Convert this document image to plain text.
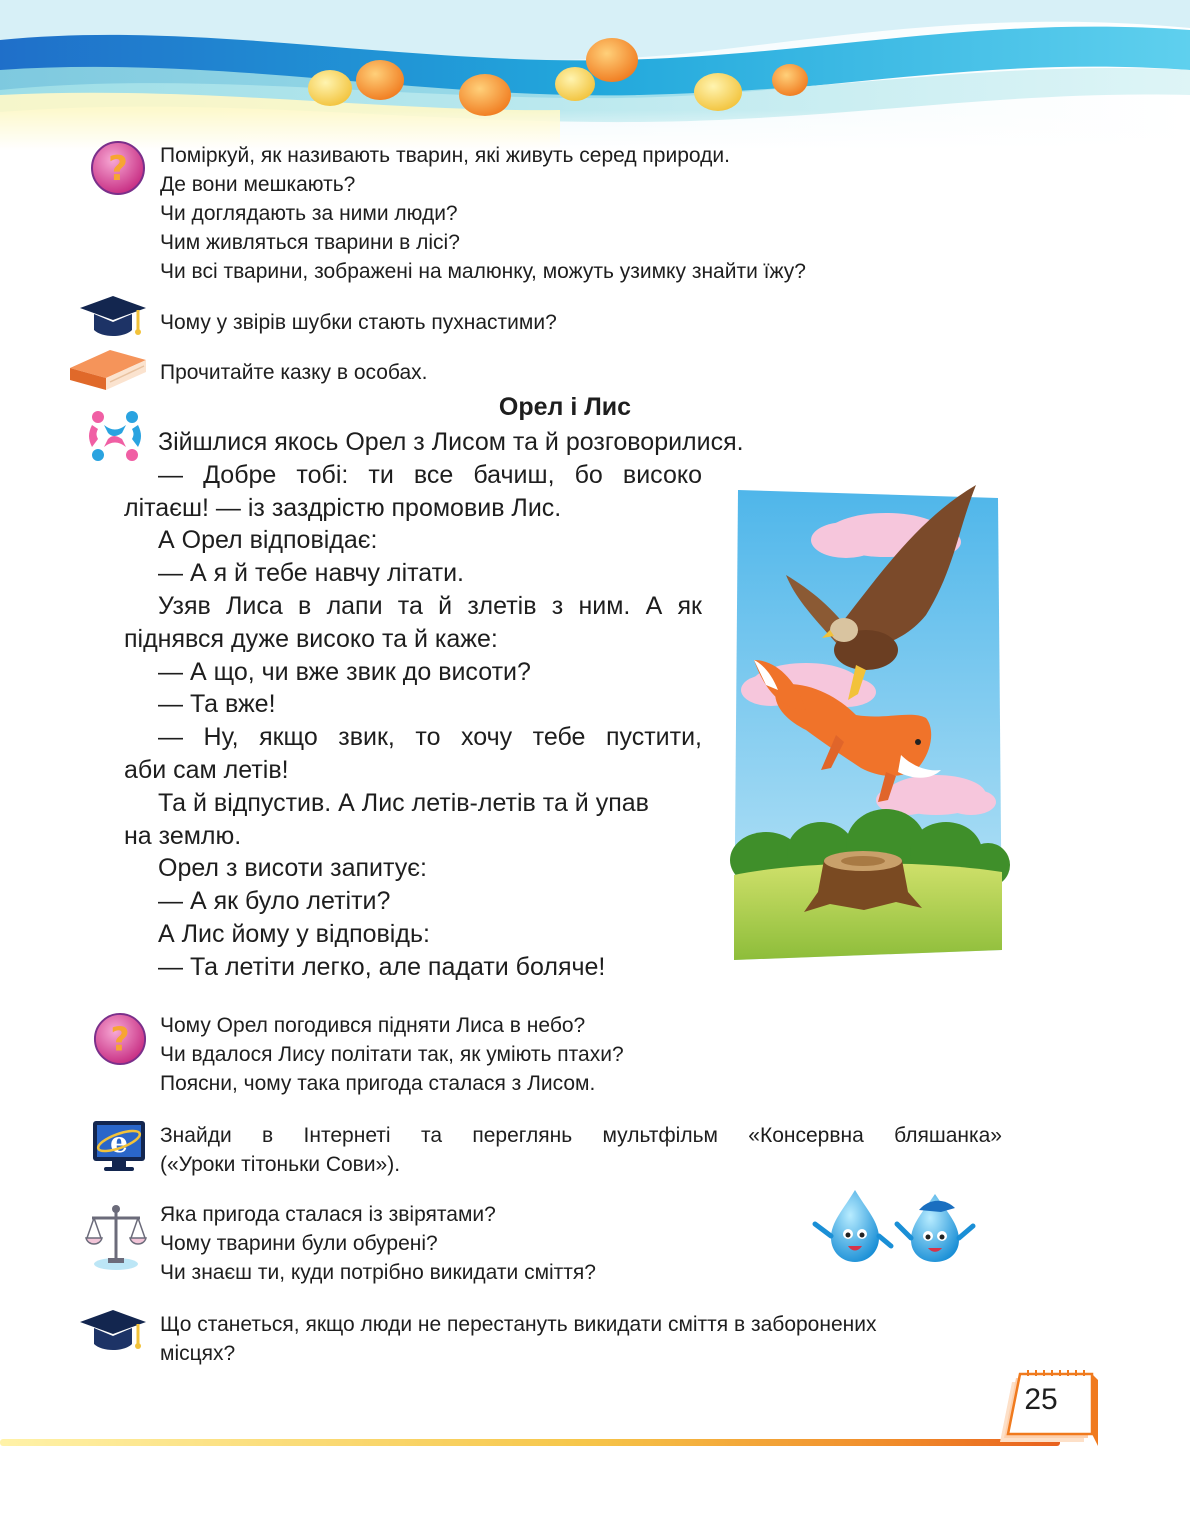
? Поміркуй, як називають тварин, які живуть серед природи.
Де вони мешкають?
Чи доглядають за ними люди?
Чим живляться тварини в лісі?
Чи всі тварини, зображені на малюнку, можуть узимку знайти їжу?
Чому у звірів шубки стають пухнастими?
Прочитайте казку в особах.
Орел і Лис

Зійшлися якось Орел з Лисом та й розговорилися.

— Добре тобі: ти все бачиш, бо високо

літаєш! — із заздрістю промовив Лис.

А Орел відповідає:

— А я й тебе навчу літати.

Узяв Лиса в лапи та й злетів з ним. А як

піднявся дуже високо та й каже:

— А що, чи вже звик до висоти?

— Та вже!

— Ну, якщо звик, то хочу тебе пустити,

аби сам летів!

Та й відпустив. А Лис летів-летів та й упав

на землю.

Орел з висоти запитує:

— А як було летіти?

А Лис йому у відповідь:

— Та летіти легко, але падати боляче!

? Чому Орел погодився підняти Лиса в небо?
Чи вдалося Лису політати так, як уміють птахи?
Поясни, чому така пригода сталася з Лисом.
e Знайди в Інтернеті та переглянь мультфільм «Консервна бляшанка»
(«Уроки тітоньки Сови»).
Яка пригода сталася із звірятами?
Чому тварини були обурені?
Чи знаєш ти, куди потрібно викидати сміття?
Що станеться, якщо люди не перестануть викидати сміття в заборонених
місцях?
25
